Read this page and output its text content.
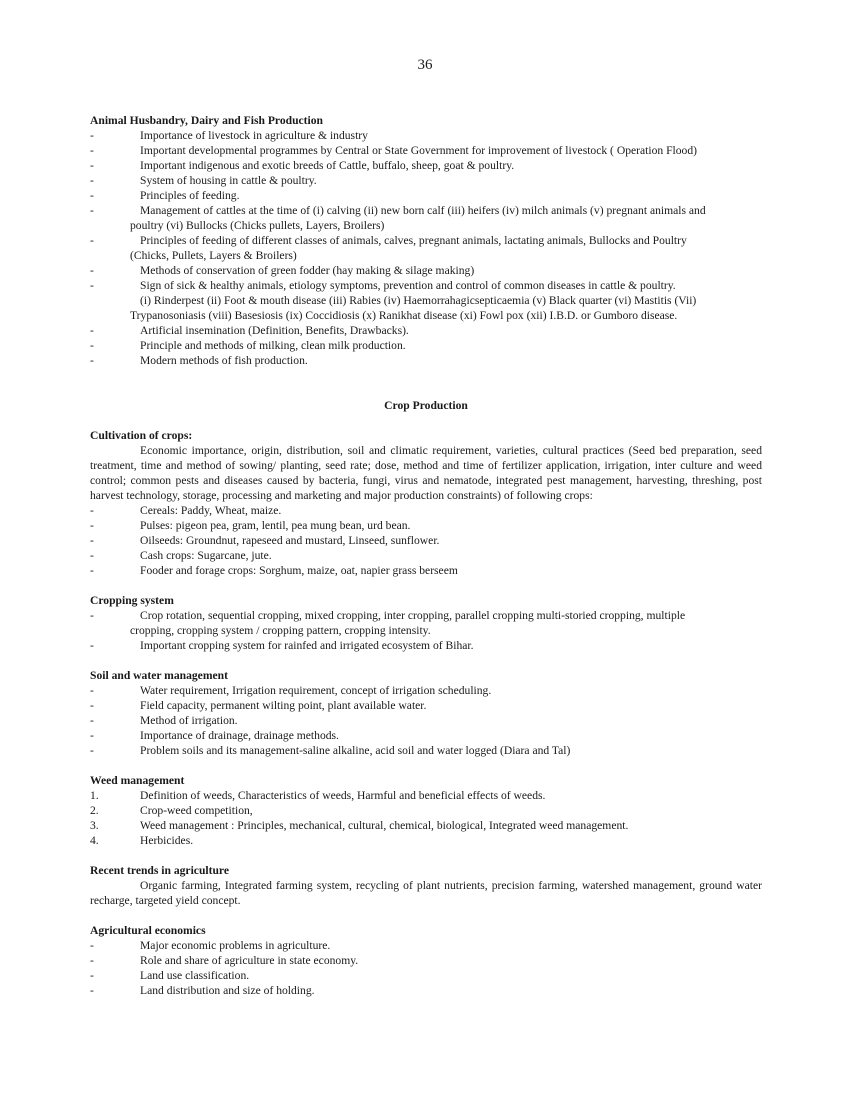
36
Animal Husbandry, Dairy and Fish Production
-	Importance of livestock in agriculture & industry
-	Important developmental programmes by Central or State Government for improvement of livestock ( Operation Flood)
-	Important indigenous and exotic breeds of Cattle, buffalo, sheep, goat & poultry.
-	System of housing in cattle & poultry.
-	Principles of feeding.
-	Management of cattles at the time of (i) calving (ii) new born calf (iii) heifers (iv) milch animals (v) pregnant animals and
poultry (vi) Bullocks (Chicks pullets, Layers, Broilers)
-	Principles of feeding of different classes of animals, calves, pregnant animals, lactating animals, Bullocks and Poultry
(Chicks, Pullets, Layers & Broilers)
-	Methods of conservation of green fodder (hay making & silage making)
-	Sign of sick & healthy animals, etiology symptoms, prevention and control of common diseases in cattle & poultry.
(i) Rinderpest (ii) Foot & mouth disease (iii) Rabies (iv) Haemorrahagicsepticaemia (v) Black quarter (vi) Mastitis (Vii)
Trypanosoniasis (viii) Basesiosis (ix) Coccidiosis (x) Ranikhat disease (xi) Fowl pox (xii) I.B.D. or Gumboro disease.
-	Artificial insemination (Definition, Benefits, Drawbacks).
-	Principle and methods of milking, clean milk production.
-	Modern methods of fish production.
Crop Production
Cultivation of crops:

Economic importance, origin, distribution, soil and climatic requirement, varieties, cultural practices (Seed bed preparation, seed treatment, time and method of sowing/ planting, seed rate; dose, method and time of fertilizer application, irrigation, inter culture and weed control; common pests and diseases caused by bacteria, fungi, virus and nematode, integrated pest management, harvesting, threshing, post harvest technology, storage, processing and marketing and major production constraints) of following crops:

-	Cereals: Paddy, Wheat, maize.
-	Pulses: pigeon pea, gram, lentil, pea mung bean, urd bean.
-	Oilseeds: Groundnut, rapeseed and mustard, Linseed, sunflower.
-	Cash crops: Sugarcane, jute.
-	Fooder and forage crops: Sorghum, maize, oat, napier grass berseem
Cropping system
-	Crop rotation, sequential cropping, mixed cropping, inter cropping, parallel cropping multi-storied cropping, multiple
cropping, cropping system / cropping pattern, cropping intensity.
-	Important cropping system for rainfed and irrigated ecosystem of Bihar.
Soil and water management
-	Water requirement, Irrigation requirement, concept of irrigation scheduling.
-	Field capacity, permanent wilting point, plant available water.
-	Method of irrigation.
-	Importance of drainage, drainage methods.
-	Problem soils and its management-saline alkaline, acid soil and water logged (Diara and Tal)
Weed management
1.	Definition of weeds, Characteristics of weeds, Harmful and beneficial effects of weeds.
2.	Crop-weed competition,
3.	Weed management : Principles, mechanical, cultural, chemical, biological, Integrated weed management.
4.	Herbicides.
Recent trends in agriculture

Organic farming, Integrated farming system, recycling of plant nutrients, precision farming, watershed management, ground water recharge, targeted yield concept.

Agricultural economics
-	Major economic problems in agriculture.
-	Role and share of agriculture in state economy.
-	Land use classification.
-	Land distribution and size of holding.
